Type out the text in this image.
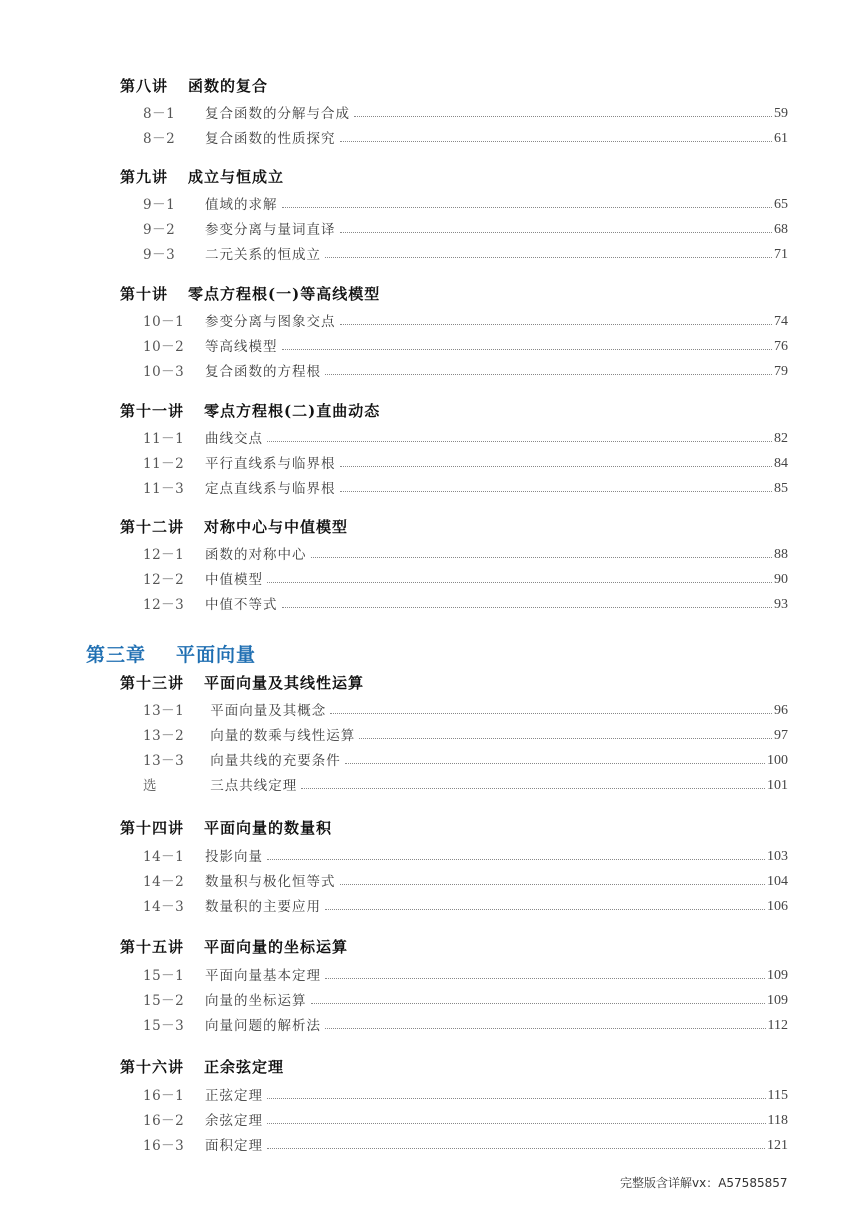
第八讲 函数的复合
8－1	复合函数的分解与合成	59
8－2	复合函数的性质探究	61
第九讲 成立与恒成立
9－1	值域的求解	65
9－2	参变分离与量词直译	68
9－3	二元关系的恒成立	71
第十讲 零点方程根(一)等高线模型
10－1	参变分离与图象交点	74
10－2	等高线模型	76
10－3	复合函数的方程根	79
第十一讲 零点方程根(二)直曲动态
11－1	曲线交点	82
11－2	平行直线系与临界根	84
11－3	定点直线系与临界根	85
第十二讲 对称中心与中值模型
12－1	函数的对称中心	88
12－2	中值模型	90
12－3	中值不等式	93
第三章 平面向量
第十三讲 平面向量及其线性运算
13－1	平面向量及其概念	96
13－2	向量的数乘与线性运算	97
13－3	向量共线的充要条件	100
选	三点共线定理	101
第十四讲 平面向量的数量积
14－1	投影向量	103
14－2	数量积与极化恒等式	104
14－3	数量积的主要应用	106
第十五讲 平面向量的坐标运算
15－1	平面向量基本定理	109
15－2	向量的坐标运算	109
15－3	向量问题的解析法	112
第十六讲 正余弦定理
16－1	正弦定理	115
16－2	余弦定理	118
16－3	面积定理	121
完整版含详解vx：A57585857
